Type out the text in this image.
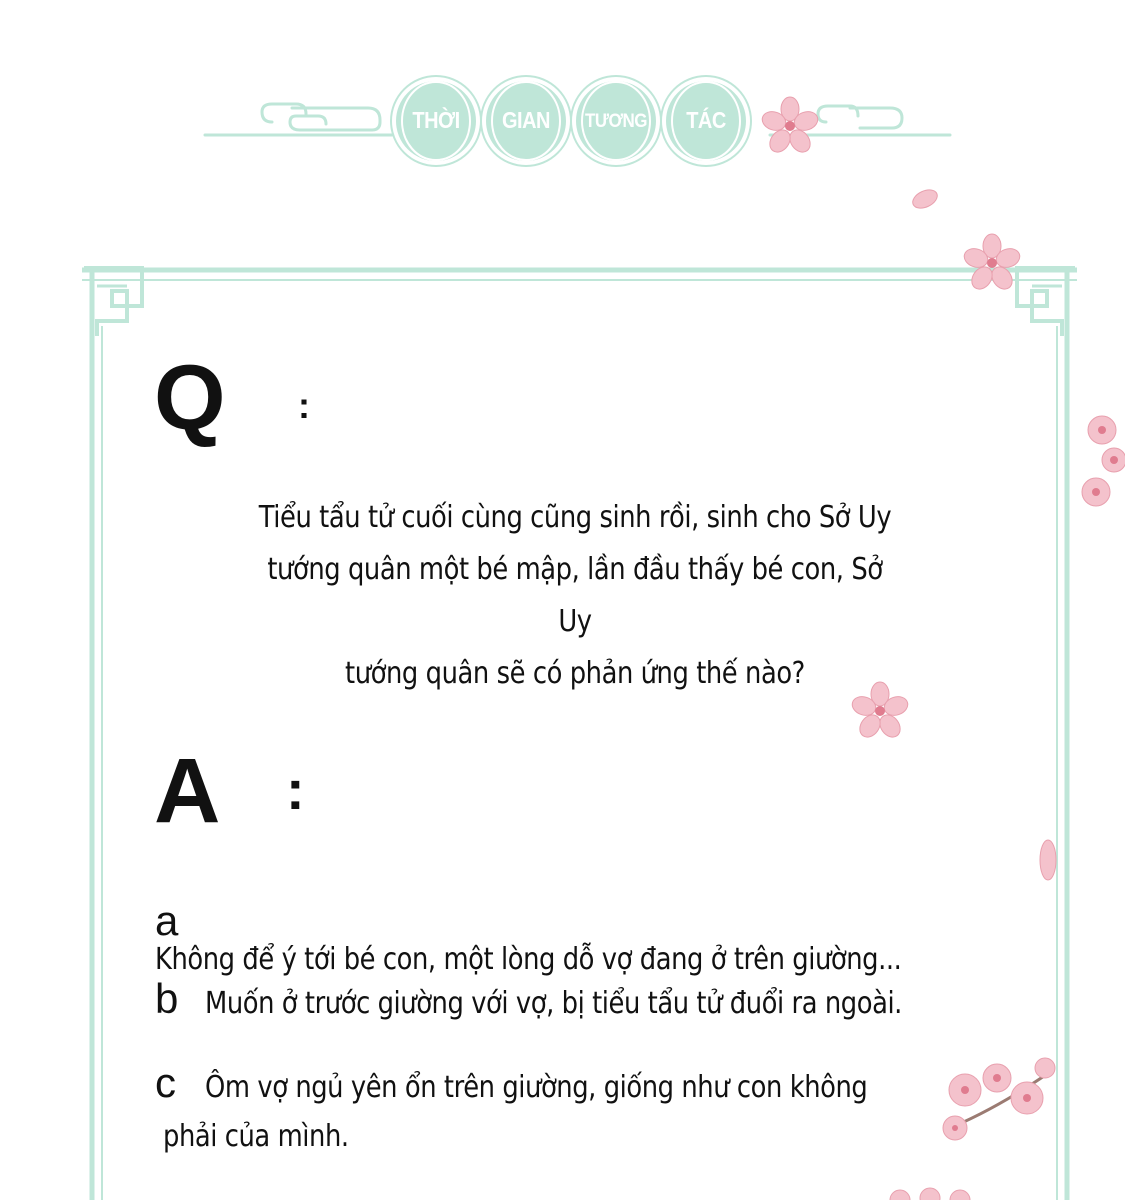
THỜI	GIAN	TƯƠNG	TÁC
Q :
Tiểu tẩu tử cuối cùng cũng sinh rồi, sinh cho Sở Uy
tướng quân một bé mập, lần đầu thấy bé con, Sở Uy
tướng quân sẽ có phản ứng thế nào?
A :
aKhông để ý tới bé con, một lòng dỗ vợ đang ở trên giường...
b Muốn ở trước giường với vợ, bị tiểu tẩu tử đuổi ra ngoài.
c Ôm vợ ngủ yên ổn trên giường, giống như con không
phải của mình.
